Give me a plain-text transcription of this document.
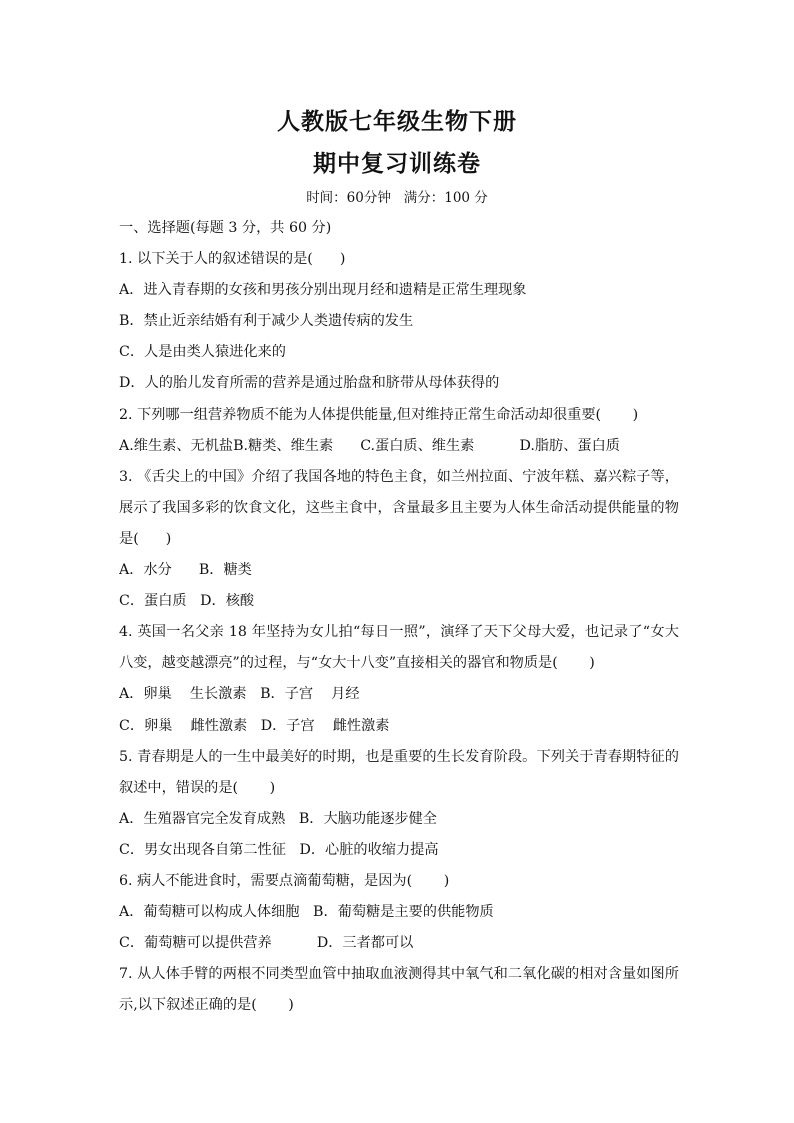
人教版七年级生物下册
期中复习训练卷
时间：60分钟   满分：100 分
一、选择题(每题 3 分，共 60 分)
1. 以下关于人的叙述错误的是(      )
A．进入青春期的女孩和男孩分别出现月经和遗精是正常生理现象
B．禁止近亲结婚有利于减少人类遗传病的发生
C．人是由类人猿进化来的
D．人的胎儿发育所需的营养是通过胎盘和脐带从母体获得的
2. 下列哪一组营养物质不能为人体提供能量,但对维持正常生命活动却很重要(       )
A.维生素、无机盐B.糖类、维生素      C.蛋白质、维生素          D.脂肪、蛋白质
3. 《舌尖上的中国》介绍了我国各地的特色主食，如兰州拉面、宁波年糕、嘉兴粽子等，
展示了我国多彩的饮食文化，这些主食中，含量最多且主要为人体生命活动提供能量的物
是(      )
A．水分      B．糖类
C．蛋白质   D．核酸
4. 英国一名父亲 18 年坚持为女儿拍“每日一照”，演绎了天下父母大爱，也记录了“女大
八变，越变越漂亮”的过程，与“女大十八变”直接相关的器官和物质是(       )
A．卵巢    生长激素   B．子宫    月经
C．卵巢    雌性激素   D．子宫    雌性激素
5. 青春期是人的一生中最美好的时期，也是重要的生长发育阶段。下列关于青春期特征的
叙述中，错误的是(       )
A．生殖器官完全发育成熟   B．大脑功能逐步健全
C．男女出现各自第二性征   D．心脏的收缩力提高
6. 病人不能进食时，需要点滴葡萄糖，是因为(       )
A．葡萄糖可以构成人体细胞   B．葡萄糖是主要的供能物质
C．葡萄糖可以提供营养          D．三者都可以
7. 从人体手臂的两根不同类型血管中抽取血液测得其中氧气和二氧化碳的相对含量如图所
示,以下叙述正确的是(       )
